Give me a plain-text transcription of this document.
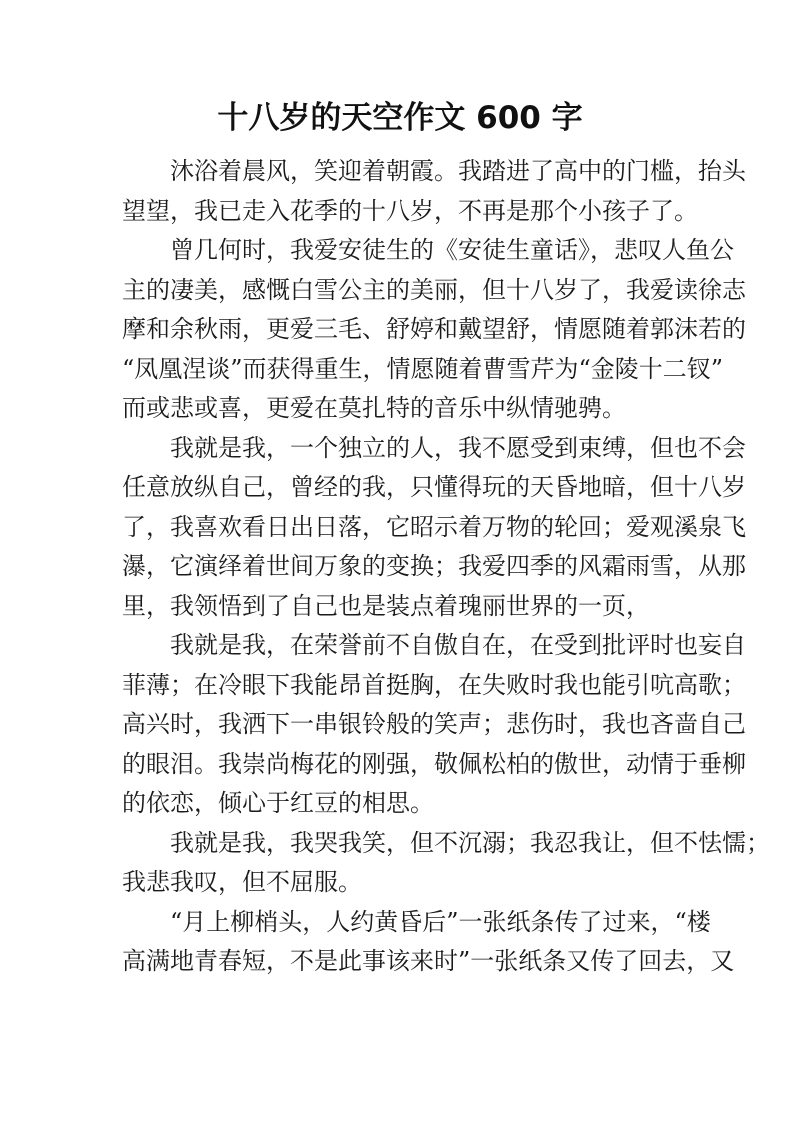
十八岁的天空作文 600 字

沐浴着晨风，笑迎着朝霞。我踏进了高中的门槛，抬头
望望，我已走入花季的十八岁，不再是那个小孩子了。

曾几何时，我爱安徒生的《安徒生童话》，悲叹人鱼公
主的凄美，感慨白雪公主的美丽，但十八岁了，我爱读徐志
摩和余秋雨，更爱三毛、舒婷和戴望舒，情愿随着郭沫若的
“凤凰涅谈”而获得重生，情愿随着曹雪芹为“金陵十二钗”
而或悲或喜，更爱在莫扎特的音乐中纵情驰骋。

我就是我，一个独立的人，我不愿受到束缚，但也不会
任意放纵自己，曾经的我，只懂得玩的天昏地暗，但十八岁
了，我喜欢看日出日落，它昭示着万物的轮回；爱观溪泉飞
瀑，它演绎着世间万象的变换；我爱四季的风霜雨雪，从那
里，我领悟到了自己也是装点着瑰丽世界的一页，

我就是我，在荣誉前不自傲自在，在受到批评时也妄自
菲薄；在冷眼下我能昂首挺胸，在失败时我也能引吭高歌；
高兴时，我洒下一串银铃般的笑声；悲伤时，我也吝啬自己
的眼泪。我崇尚梅花的刚强，敬佩松柏的傲世，动情于垂柳
的依恋，倾心于红豆的相思。

我就是我，我哭我笑，但不沉溺；我忍我让，但不怯懦；
我悲我叹，但不屈服。

“月上柳梢头，人约黄昏后”一张纸条传了过来，“楼
高满地青春短，不是此事该来时”一张纸条又传了回去，又
